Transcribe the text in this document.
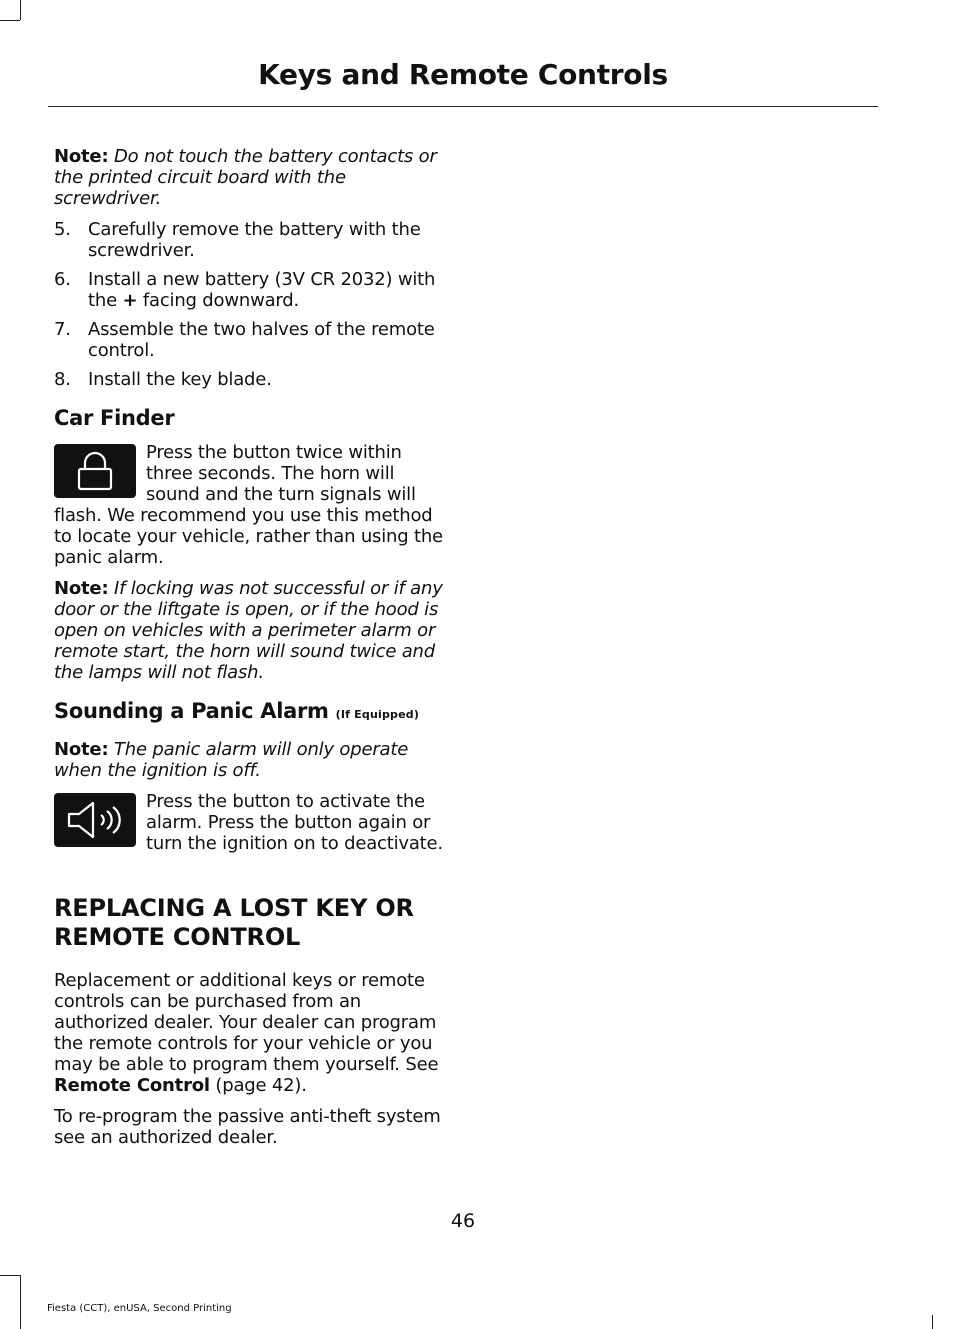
Keys and Remote Controls

Note: Do not touch the battery contacts or the printed circuit board with the screwdriver.

5. Carefully remove the battery with the screwdriver.
6. Install a new battery (3V CR 2032) with the + facing downward.
7. Assemble the two halves of the remote control.
8. Install the key blade.
Car Finder

Press the button twice within three seconds. The horn will sound and the turn signals will flash. We recommend you use this method to locate your vehicle, rather than using the panic alarm.

Note: If locking was not successful or if any door or the liftgate is open, or if the hood is open on vehicles with a perimeter alarm or remote start, the horn will sound twice and the lamps will not flash.

Sounding a Panic Alarm (If Equipped)

Note: The panic alarm will only operate when the ignition is off.

Press the button to activate the alarm. Press the button again or turn the ignition on to deactivate.

REPLACING A LOST KEY OR
REMOTE CONTROL

Replacement or additional keys or remote controls can be purchased from an authorized dealer. Your dealer can program the remote controls for your vehicle or you may be able to program them yourself. See Remote Control (page 42).

To re-program the passive anti-theft system see an authorized dealer.

46
Fiesta (CCT), enUSA, Second Printing
